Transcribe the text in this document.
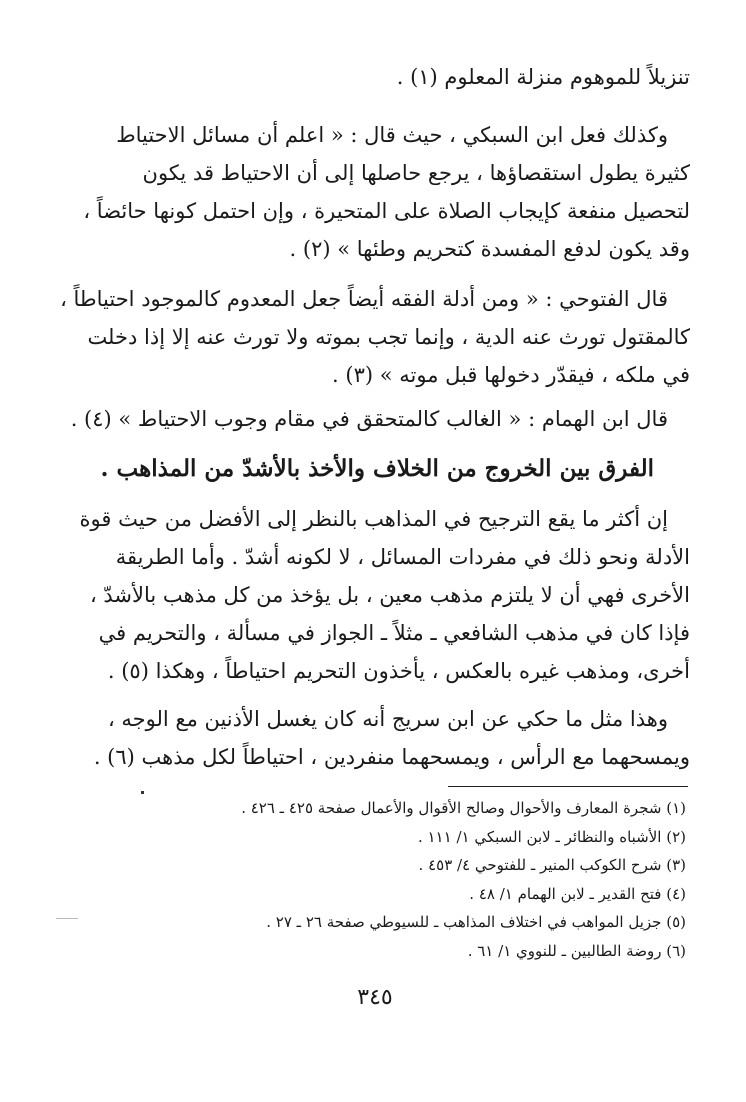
تنزيلاً للموهوم منزلة المعلوم (١) .

وكذلك فعل ابن السبكي ، حيث قال : « اعلم أن مسائل الاحتياط

كثيرة يطول استقصاؤها ، يرجع حاصلها إلى أن الاحتياط قد يكون

لتحصيل منفعة كإيجاب الصلاة على المتحيرة ، وإن احتمل كونها حائضاً ،

وقد يكون لدفع المفسدة كتحريم وطئها » (٢) .

قال الفتوحي : « ومن أدلة الفقه أيضاً جعل المعدوم كالموجود احتياطاً ،

كالمقتول تورث عنه الدية ، وإنما تجب بموته ولا تورث عنه إلا إذا دخلت

في ملكه ، فيقدّر دخولها قبل موته » (٣) .

قال ابن الهمام : « الغالب كالمتحقق في مقام وجوب الاحتياط » (٤) .

الفرق بين الخروج من الخلاف والأخذ بالأشدّ من المذاهب .

إن أكثر ما يقع الترجيح في المذاهب بالنظر إلى الأفضل من حيث قوة

الأدلة ونحو ذلك في مفردات المسائل ، لا لكونه أشدّ . وأما الطريقة

الأخرى فهي أن لا يلتزم مذهب معين ، بل يؤخذ من كل مذهب بالأشدّ ،

فإذا كان في مذهب الشافعي ـ مثلاً ـ الجواز في مسألة ، والتحريم في

أخرى، ومذهب غيره بالعكس ، يأخذون التحريم احتياطاً ، وهكذا (٥) .

وهذا مثل ما حكي عن ابن سريج أنه كان يغسل الأذنين مع الوجه ،

ويمسحهما مع الرأس ، ويمسحهما منفردين ، احتياطاً لكل مذهب (٦) .

(١) شجرة المعارف والأحوال وصالح الأقوال والأعمال صفحة ٤٢٥ ـ ٤٢٦ .
(٢) الأشباه والنظائر ـ لابن السبكي ١/ ١١١ .
(٣) شرح الكوكب المنير ـ للفتوحي ٤/ ٤٥٣ .
(٤) فتح القدير ـ لابن الهمام ١/ ٤٨ .
(٥) جزيل المواهب في اختلاف المذاهب ـ للسيوطي صفحة ٢٦ ـ ٢٧ .
(٦) روضة الطالبين ـ للنووي ١/ ٦١ .
٣٤٥
